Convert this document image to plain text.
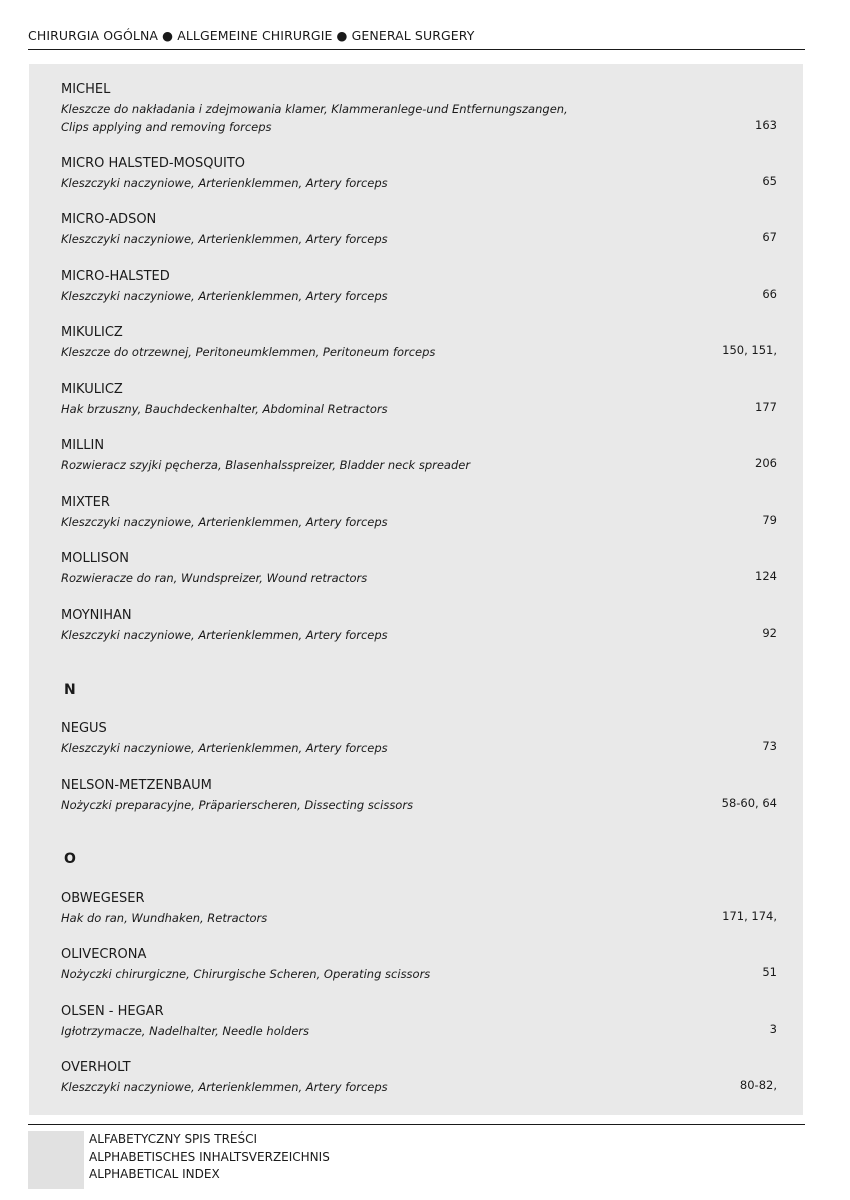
CHIRURGIA OGÓLNA ● ALLGEMEINE CHIRURGIE ● GENERAL SURGERY
MICHEL
Kleszcze do nakładania i zdejmowania klamer, Klammeranlege-und Entfernungszangen,
Clips applying and removing forceps	163
MICRO HALSTED-MOSQUITO
Kleszczyki naczyniowe, Arterienklemmen, Artery forceps	65
MICRO-ADSON
Kleszczyki naczyniowe, Arterienklemmen, Artery forceps	67
MICRO-HALSTED
Kleszczyki naczyniowe, Arterienklemmen, Artery forceps	66
MIKULICZ
Kleszcze do otrzewnej, Peritoneumklemmen, Peritoneum forceps	150, 151,
MIKULICZ
Hak brzuszny, Bauchdeckenhalter, Abdominal Retractors	177
MILLIN
Rozwieracz szyjki pęcherza, Blasenhalsspreizer, Bladder neck spreader	206
MIXTER
Kleszczyki naczyniowe, Arterienklemmen, Artery forceps	79
MOLLISON
Rozwieracze do ran, Wundspreizer, Wound retractors	124
MOYNIHAN
Kleszczyki naczyniowe, Arterienklemmen, Artery forceps	92
N
NEGUS
Kleszczyki naczyniowe, Arterienklemmen, Artery forceps	73
NELSON-METZENBAUM
Nożyczki preparacyjne, Präparierscheren, Dissecting scissors	58-60, 64
O
OBWEGESER
Hak do ran, Wundhaken, Retractors	171, 174,
OLIVECRONA
Nożyczki chirurgiczne, Chirurgische Scheren, Operating scissors	51
OLSEN - HEGAR
Igłotrzymacze, Nadelhalter, Needle holders	3
OVERHOLT
Kleszczyki naczyniowe, Arterienklemmen, Artery forceps	80-82,
ALFABETYCZNY SPIS TREŚCI
ALPHABETISCHES INHALTSVERZEICHNIS
ALPHABETICAL INDEX
